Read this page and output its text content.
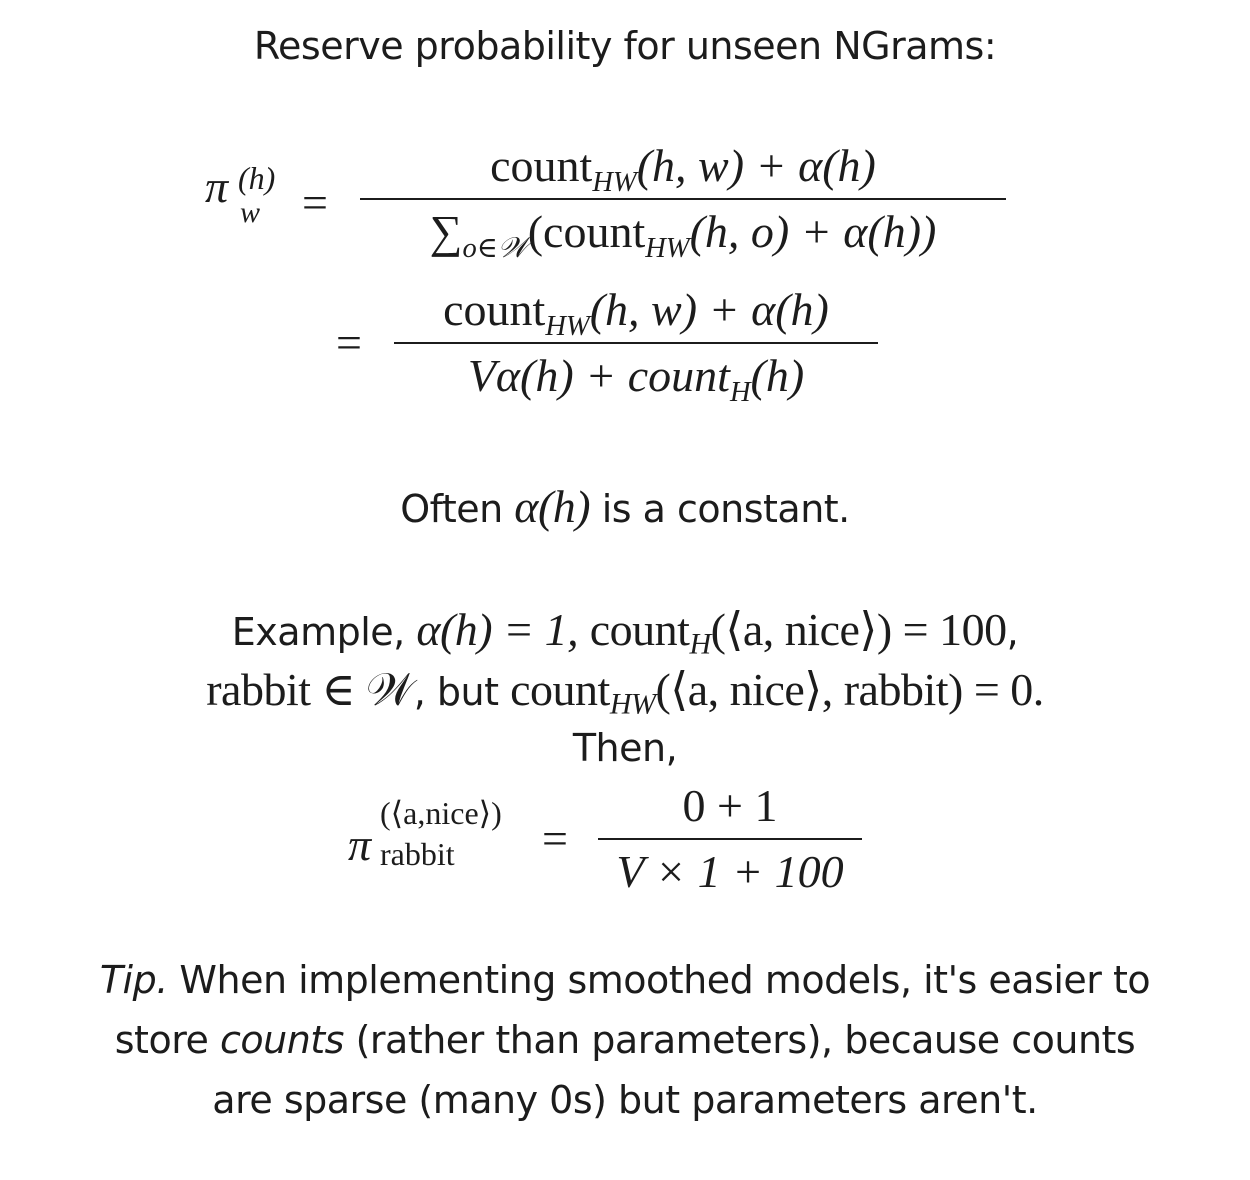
Reserve probability for unseen NGrams:
π (h)
w =
count$_{HW}$(h, w) + α(h)
$\sum_{o\in 𝒲}(count_{HW}(h$, o) + α(h))
=
count$_{HW}$(h, w) + α(h)
Vα(h) + count$_H$(h)
Often α(h) is a constant.
Example, α(h) = 1, count$_H$(⟨a, nice⟩) = 100,
rabbit ∈ 𝒲, but count$_{HW}$(⟨a, nice⟩, rabbit) = 0.
Then,
π
(⟨a,nice⟩)
rabbit =
0 + 1
V × 1 + 100
Tip. When implementing smoothed models, it's easier to
store counts (rather than parameters), because counts
are sparse (many 0s) but parameters aren't.
